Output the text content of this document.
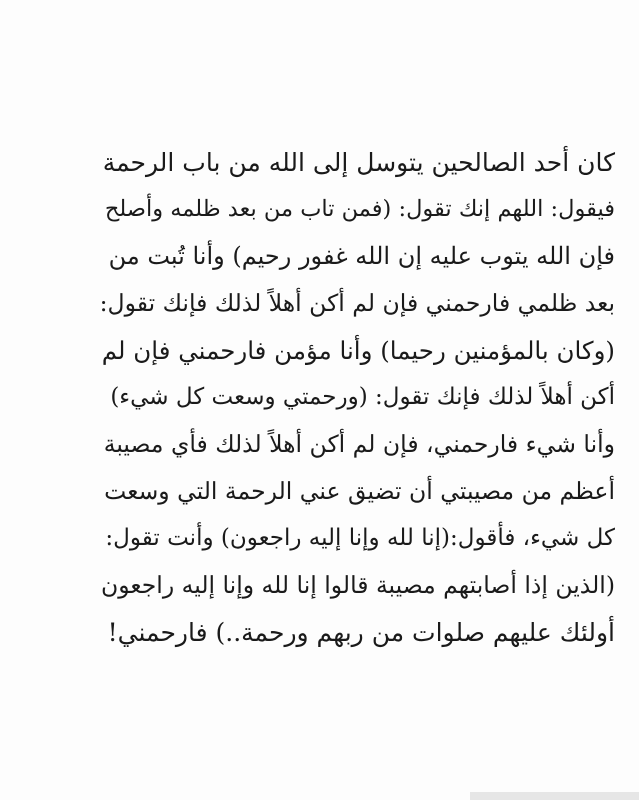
كان أحد الصالحين يتوسل إلى الله من باب الرحمة
فيقول: اللهم إنك تقول: (فمن تاب من بعد ظلمه وأصلح
فإن الله يتوب عليه إن الله غفور رحيم) وأنا تُبت من
بعد ظلمي فارحمني فإن لم أكن أهلاً لذلك فإنك تقول:
(وكان بالمؤمنين رحيما) وأنا مؤمن فارحمني فإن لم
أكن أهلاً لذلك فإنك تقول: (ورحمتي وسعت كل شيء)
وأنا شيء فارحمني، فإن لم أكن أهلاً لذلك فأي مصيبة
أعظم من مصيبتي أن تضيق عني الرحمة التي وسعت
كل شيء، فأقول:(إنا لله وإنا إليه راجعون) وأنت تقول:
(الذين إذا أصابتهم مصيبة قالوا إنا لله وإنا إليه راجعون
أولئك عليهم صلوات من ربهم ورحمة..) فارحمني!
